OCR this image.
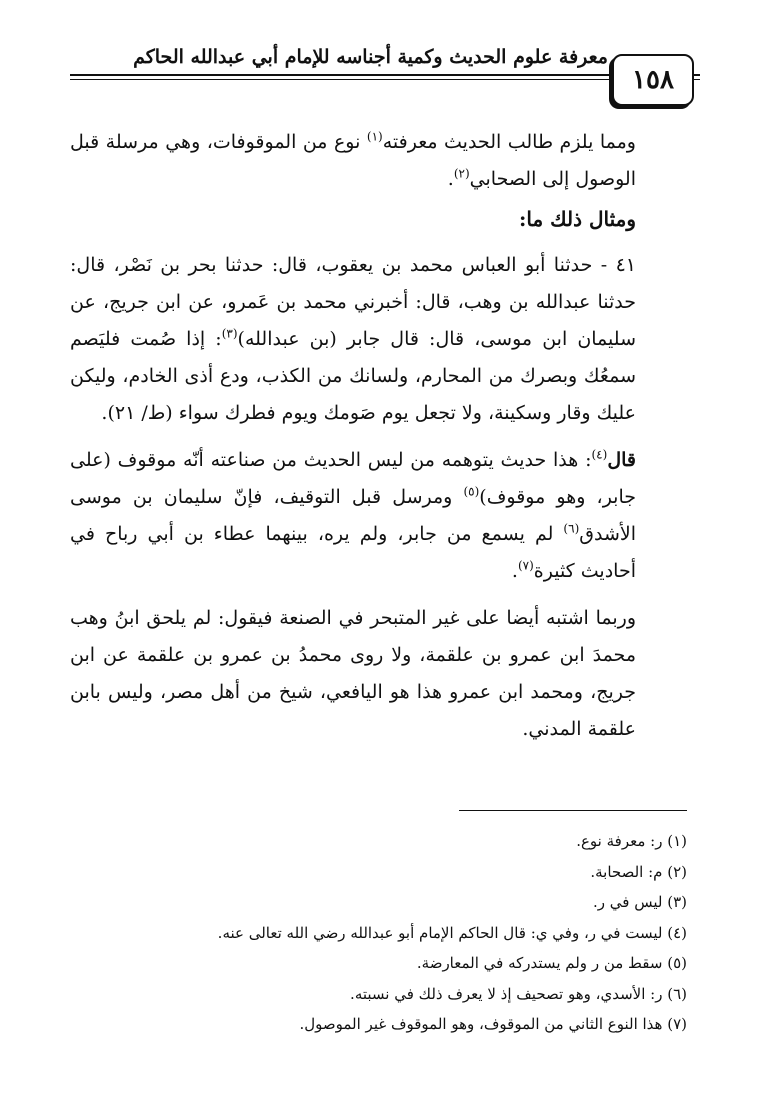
معرفة علوم الحديث وكمية أجناسه للإمام أبي عبدالله الحاكم
١٥٨

ومما يلزم طالب الحديث معرفته$^{(١)}$ نوع من الموقوفات، وهي مرسلة قبل الوصول إلى الصحابي$^{(٢)}$.

ومثال ذلك ما:

٤١ - حدثنا أبو العباس محمد بن يعقوب، قال: حدثنا بحر بن نَصْر، قال: حدثنا عبدالله بن وهب، قال: أخبرني محمد بن عَمرو، عن ابن جريج، عن سليمان ابن موسى، قال: قال جابر (بن عبدالله)$^{(٣)}$: إذا صُمت فليَصم سمعُك وبصرك من المحارم، ولسانك من الكذب، ودع أذى الخادم، وليكن عليك وقار وسكينة، ولا تجعل يوم صَومك ويوم فطرك سواء (ط/ ٢١).

قال$^{(٤)}$: هذا حديث يتوهمه من ليس الحديث من صناعته أنّه موقوف (على جابر، وهو موقوف)$^{(٥)}$ ومرسل قبل التوقيف، فإنّ سليمان بن موسى الأشدق$^{(٦)}$ لم يسمع من جابر، ولم يره، بينهما عطاء بن أبي رباح في أحاديث كثيرة$^{(٧)}$.

وربما اشتبه أيضا على غير المتبحر في الصنعة فيقول: لم يلحق ابنُ وهب محمدَ ابن عمرو بن علقمة، ولا روى محمدُ بن عمرو بن علقمة عن ابن جريج، ومحمد ابن عمرو هذا هو اليافعي، شيخ من أهل مصر، وليس بابن علقمة المدني.

(١) ر: معرفة نوع.

(٢) م: الصحابة.

(٣) ليس في ر.

(٤) ليست في ر، وفي ي: قال الحاكم الإمام أبو عبدالله رضي الله تعالى عنه.

(٥) سقط من ر ولم يستدركه في المعارضة.

(٦) ر: الأسدي، وهو تصحيف إذ لا يعرف ذلك في نسبته.

(٧) هذا النوع الثاني من الموقوف، وهو الموقوف غير الموصول.
